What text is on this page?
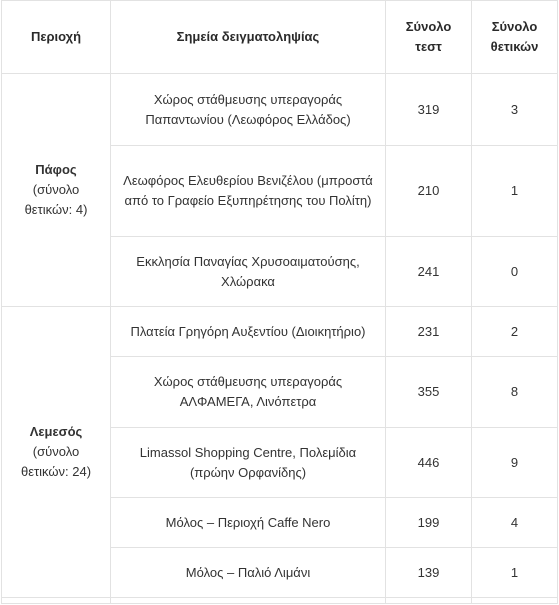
Περιοχή	Σημεία δειγματοληψίας	Σύνολο τεστ	Σύνολο θετικών

Πάφος
(σύνολο θετικών: 4)	Χώρος στάθμευσης υπεραγοράς Παπαντωνίου (Λεωφόρος Ελλάδος)	319	3
	Λεωφόρος Ελευθερίου Βενιζέλου (μπροστά από το Γραφείο Εξυπηρέτησης του Πολίτη)	210	1
	Εκκλησία Παναγίας Χρυσοαιματούσης, Χλώρακα	241	0

Λεμεσός
(σύνολο θετικών: 24)	Πλατεία Γρηγόρη Αυξεντίου (Διοικητήριο)	231	2
	Χώρος στάθμευσης υπεραγοράς ΑΛΦΑΜΕΓΑ, Λινόπετρα	355	8
	Limassol Shopping Centre, Πολεμίδια (πρώην Ορφανίδης)	446	9
	Μόλος – Περιοχή Caffe Nero	199	4
	Μόλος – Παλιό Λιμάνι	139	1
